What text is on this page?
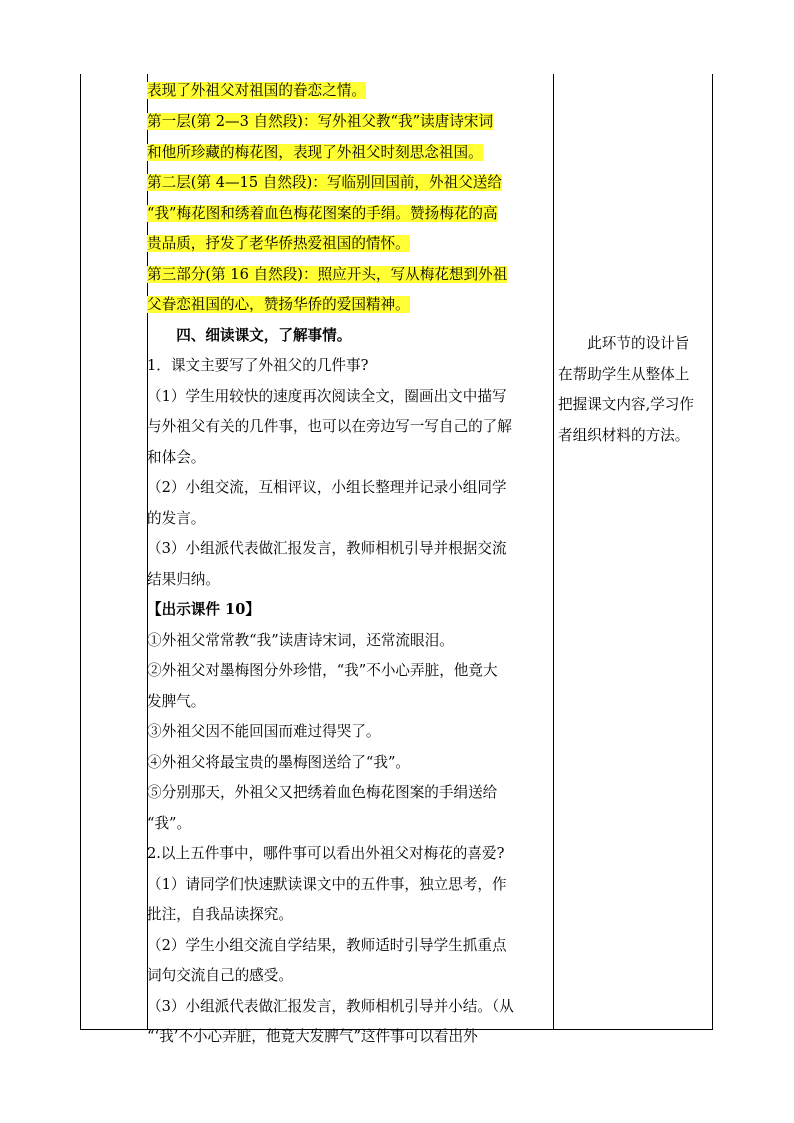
表现了外祖父对祖国的眷恋之情。
第一层(第 2—3 自然段)：写外祖父教“我”读唐诗宋词
和他所珍藏的梅花图，表现了外祖父时刻思念祖国。
第二层(第 4—15 自然段)：写临别回国前，外祖父送给
“我”梅花图和绣着血色梅花图案的手绢。赞扬梅花的高
贵品质，抒发了老华侨热爱祖国的情怀。
第三部分(第 16 自然段)：照应开头，写从梅花想到外祖
父眷恋祖国的心，赞扬华侨的爱国精神。
　　四、细读课文，了解事情。
1．课文主要写了外祖父的几件事?
（1）学生用较快的速度再次阅读全文，圈画出文中描写
与外祖父有关的几件事，也可以在旁边写一写自己的了解
和体会。
（2）小组交流，互相评议，小组长整理并记录小组同学
的发言。
（3）小组派代表做汇报发言，教师相机引导并根据交流
结果归纳。
【出示课件 10】
①外祖父常常教“我”读唐诗宋词，还常流眼泪。
②外祖父对墨梅图分外珍惜，“我”不小心弄脏，他竟大
发脾气。
③外祖父因不能回国而难过得哭了。
④外祖父将最宝贵的墨梅图送给了“我”。
⑤分别那天，外祖父又把绣着血色梅花图案的手绢送给
“我”。
2.以上五件事中，哪件事可以看出外祖父对梅花的喜爱?
（1）请同学们快速默读课文中的五件事，独立思考，作
批注，自我品读探究。
（2）学生小组交流自学结果，教师适时引导学生抓重点
词句交流自己的感受。
（3）小组派代表做汇报发言，教师相机引导并小结。（从
“‘我’不小心弄脏，他竟大发脾气”这件事可以看出外
　　此环节的设计旨
在帮助学生从整体上
把握课文内容,学习作
者组织材料的方法。
